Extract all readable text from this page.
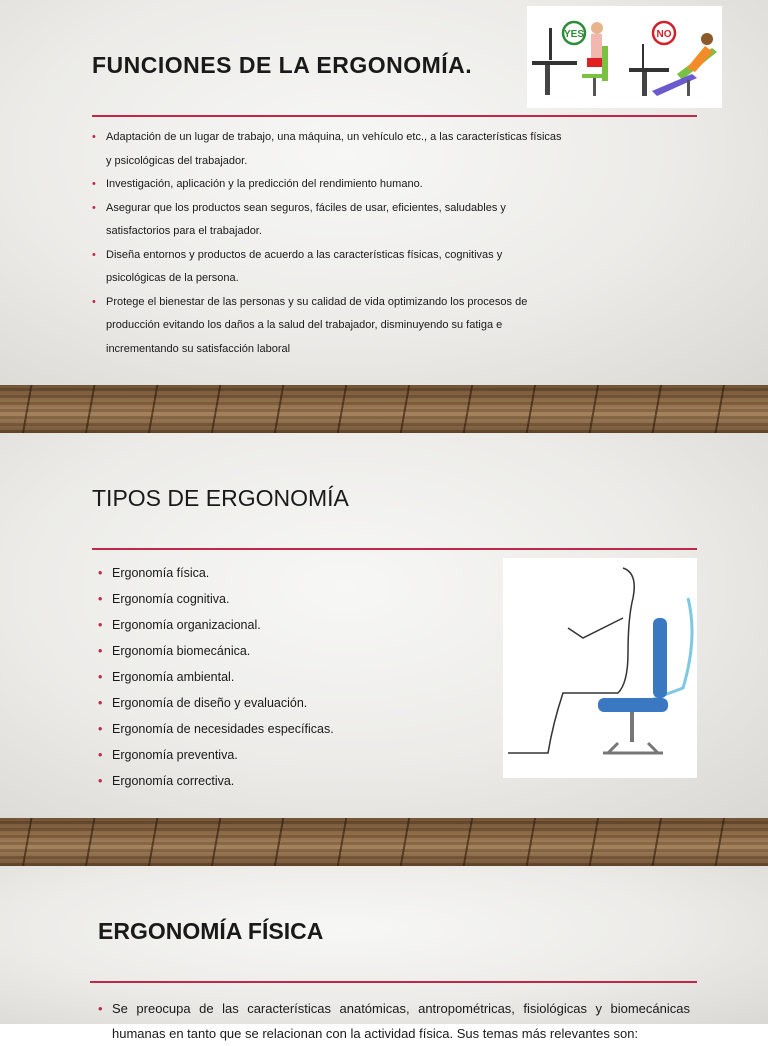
FUNCIONES DE LA ERGONOMÍA.
YES	NO
• Adaptación de un lugar de trabajo, una máquina, un vehículo etc., a las características físicas y psicológicas del trabajador.
• Investigación, aplicación y la predicción del rendimiento humano.
• Asegurar que los productos sean seguros, fáciles de usar, eficientes, saludables y satisfactorios para el trabajador.
• Diseña entornos y productos de acuerdo a las características físicas, cognitivas y psicológicas de la persona.
• Protege el bienestar de las personas y su calidad de vida optimizando los procesos de producción evitando los daños a la salud del trabajador, disminuyendo su fatiga e incrementando su satisfacción laboral
TIPOS DE ERGONOMÍA
• Ergonomía física.
• Ergonomía cognitiva.
• Ergonomía organizacional.
• Ergonomía biomecánica.
• Ergonomía ambiental.
• Ergonomía de diseño y evaluación.
• Ergonomía de necesidades específicas.
• Ergonomía preventiva.
• Ergonomía correctiva.
ERGONOMÍA FÍSICA
• Se preocupa de las características anatómicas, antropométricas, fisiológicas y biomecánicas humanas en tanto que se relacionan con la actividad física. Sus temas más relevantes son:
